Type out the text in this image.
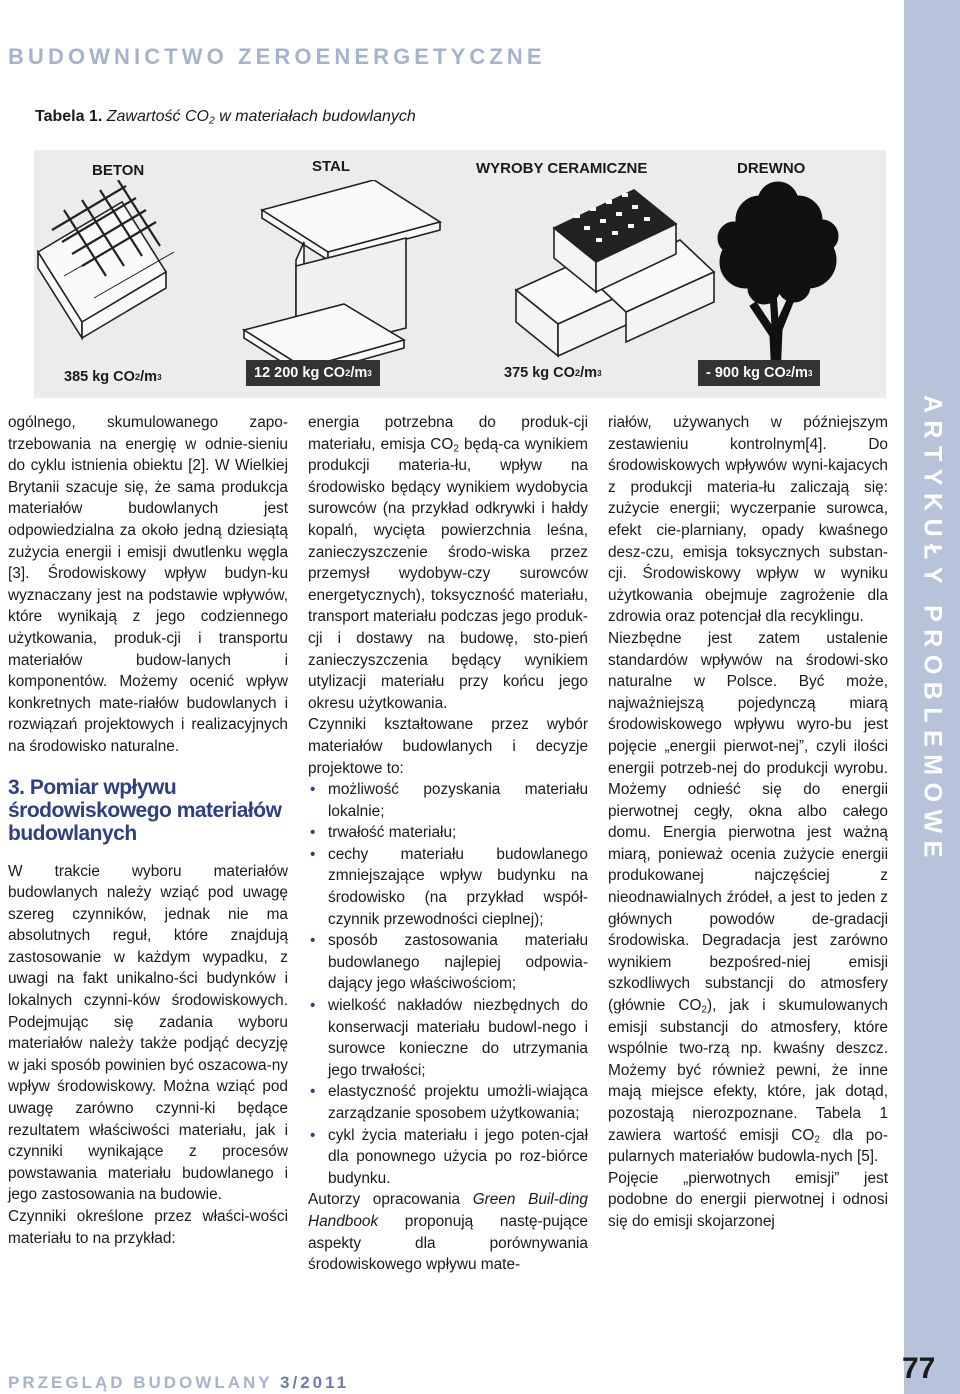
BUDOWNICTWO ZEROENERGETYCZNE
ARTYKUŁY PROBLEMOWE
Tabela 1. Zawartość $CO_2$ w materiałach budowlanych
BETON	STAL	WYROBY CERAMICZNE	DREWNO
385 kg CO 2 /m 3	12 200 kg CO 2 /m 3	375 kg CO 2 /m 3	- 900 kg CO 2 /m 3

ogólnego, skumulowanego zapo-trzebowania na energię w odnie-sieniu do cyklu istnienia obiektu [2]. W Wielkiej Brytanii szacuje się, że sama produkcja materiałów budowlanych jest odpowiedzialna za około jedną dziesiątą zużycia energii i emisji dwutlenku węgla [3]. Środowiskowy wpływ budyn-ku wyznaczany jest na podstawie wpływów, które wynikają z jego codziennego użytkowania, produk-cji i transportu materiałów budow-lanych i komponentów. Możemy ocenić wpływ konkretnych mate-riałów budowlanych i rozwiązań projektowych i realizacyjnych na środowisko naturalne.

3. Pomiar wpływu środowiskowego materiałów budowlanych

W trakcie wyboru materiałów budowlanych należy wziąć pod uwagę szereg czynników, jednak nie ma absolutnych reguł, które znajdują zastosowanie w każdym wypadku, z uwagi na fakt unikalno-ści budynków i lokalnych czynni-ków środowiskowych. Podejmując się zadania wyboru materiałów należy także podjąć decyzję w jaki sposób powinien być oszacowa-ny wpływ środowiskowy. Można wziąć pod uwagę zarówno czynni-ki będące rezultatem właściwości materiału, jak i czynniki wynikające z procesów powstawania materiału budowlanego i jego zastosowania na budowie.

Czynniki określone przez właści-wości materiału to na przykład:

energia potrzebna do produk-cji materiału, emisja $CO_2$ będą-ca wynikiem produkcji materia-łu, wpływ na środowisko będący wynikiem wydobycia surowców (na przykład odkrywki i hałdy kopalń, wycięta powierzchnia leśna, zanieczyszczenie środo-wiska przez przemysł wydobyw-czy surowców energetycznych), toksyczność materiału, transport materiału podczas jego produk-cji i dostawy na budowę, sto-pień zanieczyszczenia będący wynikiem utylizacji materiału przy końcu jego okresu użytkowania.

Czynniki kształtowane przez wybór materiałów budowlanych i decyzje projektowe to:

• możliwość pozyskania materiału lokalnie;
• trwałość materiału;
• cechy materiału budowlanego zmniejszające wpływ budynku na środowisko (na przykład współ-czynnik przewodności cieplnej);
• sposób zastosowania materiału budowlanego najlepiej odpowia-dający jego właściwościom;
• wielkość nakładów niezbędnych do konserwacji materiału budowl-nego i surowce konieczne do utrzymania jego trwałości;
• elastyczność projektu umożli-wiająca zarządzanie sposobem użytkowania;
• cykl życia materiału i jego poten-cjał dla ponownego użycia po roz-biórce budynku.

Autorzy opracowania Green Buil-ding Handbook proponują nastę-pujące aspekty dla porównywania środowiskowego wpływu mate-

riałów, używanych w późniejszym zestawieniu kontrolnym[4]. Do środowiskowych wpływów wyni-kajacych z produkcji materia-łu zaliczają się: zużycie energii; wyczerpanie surowca, efekt cie-plarniany, opady kwaśnego desz-czu, emisja toksycznych substan-cji. Środowiskowy wpływ w wyniku użytkowania obejmuje zagrożenie dla zdrowia oraz potencjał dla recyklingu.

Niezbędne jest zatem ustalenie standardów wpływów na środowi-sko naturalne w Polsce. Być może, najważniejszą pojedynczą miarą środowiskowego wpływu wyro-bu jest pojęcie „energii pierwot-nej”, czyli ilości energii potrzeb-nej do produkcji wyrobu. Możemy odnieść się do energii pierwotnej cegły, okna albo całego domu. Energia pierwotna jest ważną miarą, ponieważ ocenia zużycie energii produkowanej najczęściej z nieodnawialnych źródeł, a jest to jeden z głównych powodów de-gradacji środowiska. Degradacja jest zarówno wynikiem bezpośred-niej emisji szkodliwych substancji do atmosfery (głównie $CO_2$), jak i skumulowanych emisji substancji do atmosfery, które wspólnie two-rzą np. kwaśny deszcz. Możemy być również pewni, że inne mają miejsce efekty, które, jak dotąd, pozostają nierozpoznane. Tabela 1 zawiera wartość emisji $CO_2$ dla po-pularnych materiałów budowla-nych [5].

Pojęcie „pierwotnych emisji” jest podobne do energii pierwotnej i odnosi się do emisji skojarzonej

PRZEGLĄD BUDOWLANY 3/2011	77
